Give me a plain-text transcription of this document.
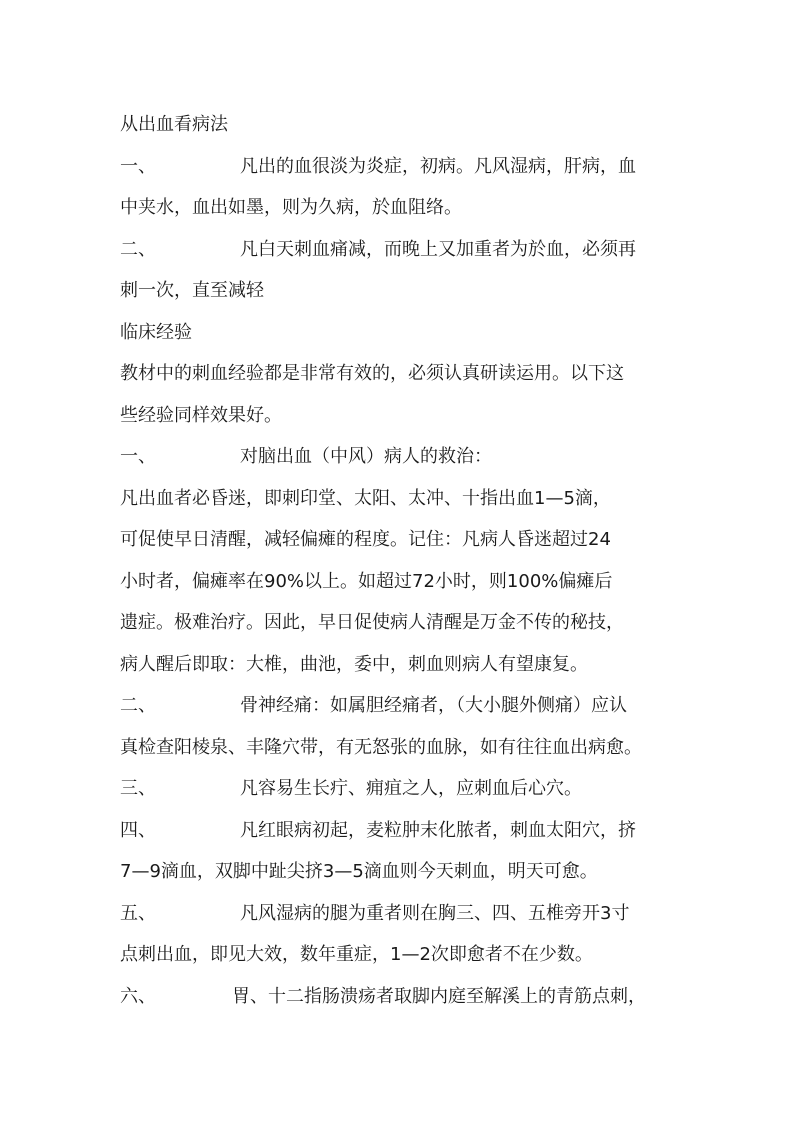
从出血看病法
一、	凡出的血很淡为炎症，初病。凡风湿病，肝病，血
中夹水，血出如墨，则为久病，於血阻络。
二、	凡白天刺血痛减，而晚上又加重者为於血，必须再
刺一次，直至减轻
临床经验
教材中的刺血经验都是非常有效的，必须认真研读运用。以下这
些经验同样效果好。
一、	对脑出血（中风）病人的救治：
凡出血者必昏迷，即刺印堂、太阳、太冲、十指出血1—5滴，
可促使早日清醒，减轻偏瘫的程度。记住：凡病人昏迷超过24
小时者，偏瘫率在90%以上。如超过72小时，则100%偏瘫后
遗症。极难治疗。因此，早日促使病人清醒是万金不传的秘技，
病人醒后即取：大椎，曲池，委中，刺血则病人有望康复。
二、	骨神经痛：如属胆经痛者，（大小腿外侧痛）应认
真检查阳棱泉、丰隆穴带，有无怒张的血脉，如有往往血出病愈。
三、	凡容易生长疔、痈疽之人，应刺血后心穴。
四、	凡红眼病初起，麦粒肿末化脓者，刺血太阳穴，挤
7—9滴血，双脚中趾尖挤3—5滴血则今天刺血，明天可愈。
五、	凡风湿病的腿为重者则在胸三、四、五椎旁开3寸
点刺出血，即见大效，数年重症，1—2次即愈者不在少数。
六、	胃、十二指肠溃疡者取脚内庭至解溪上的青筋点刺，
